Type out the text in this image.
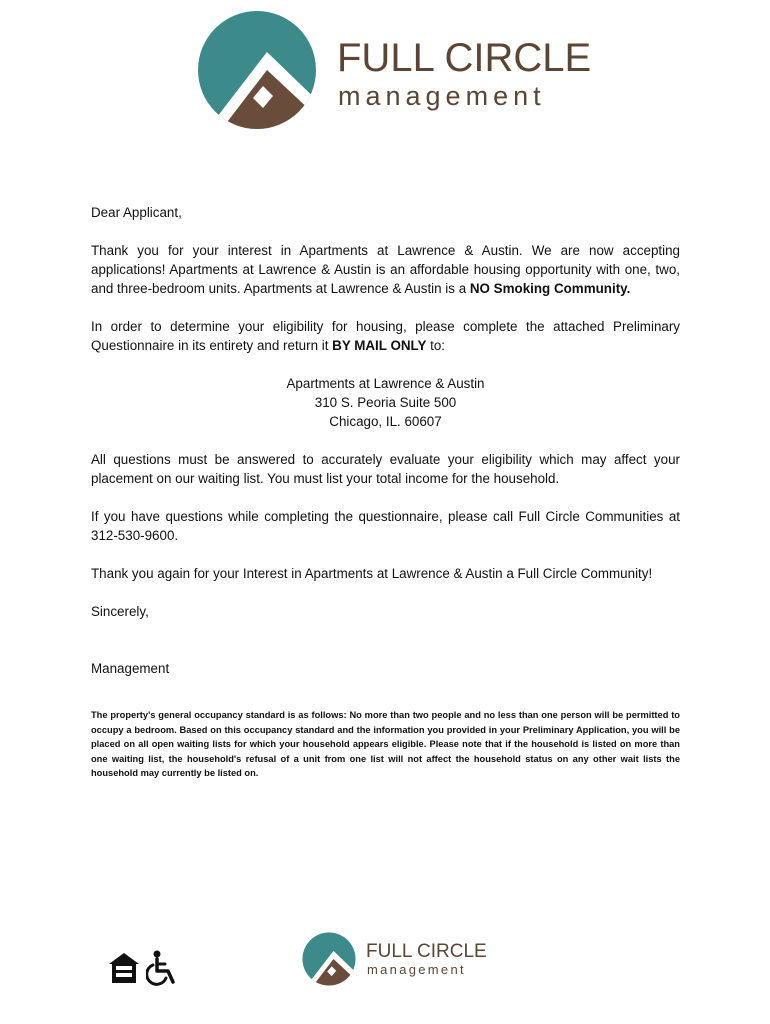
FULL CIRCLE
management

Dear Applicant,

Thank you for your interest in Apartments at Lawrence & Austin. We are now accepting applications! Apartments at Lawrence & Austin is an affordable housing opportunity with one, two, and three-bedroom units. Apartments at Lawrence & Austin is a NO Smoking Community.

In order to determine your eligibility for housing, please complete the attached Preliminary Questionnaire in its entirety and return it BY MAIL ONLY to:

Apartments at Lawrence & Austin
310 S. Peoria Suite 500
Chicago, IL. 60607

All questions must be answered to accurately evaluate your eligibility which may affect your placement on our waiting list. You must list your total income for the household.

If you have questions while completing the questionnaire, please call Full Circle Communities at 312-530-9600.

Thank you again for your Interest in Apartments at Lawrence & Austin a Full Circle Community!

Sincerely,

Management

The property's general occupancy standard is as follows: No more than two people and no less than one person will be permitted to occupy a bedroom. Based on this occupancy standard and the information you provided in your Preliminary Application, you will be placed on all open waiting lists for which your household appears eligible. Please note that if the household is listed on more than one waiting list, the household's refusal of a unit from one list will not affect the household status on any other wait lists the household may currently be listed on.

FULL CIRCLE
management
